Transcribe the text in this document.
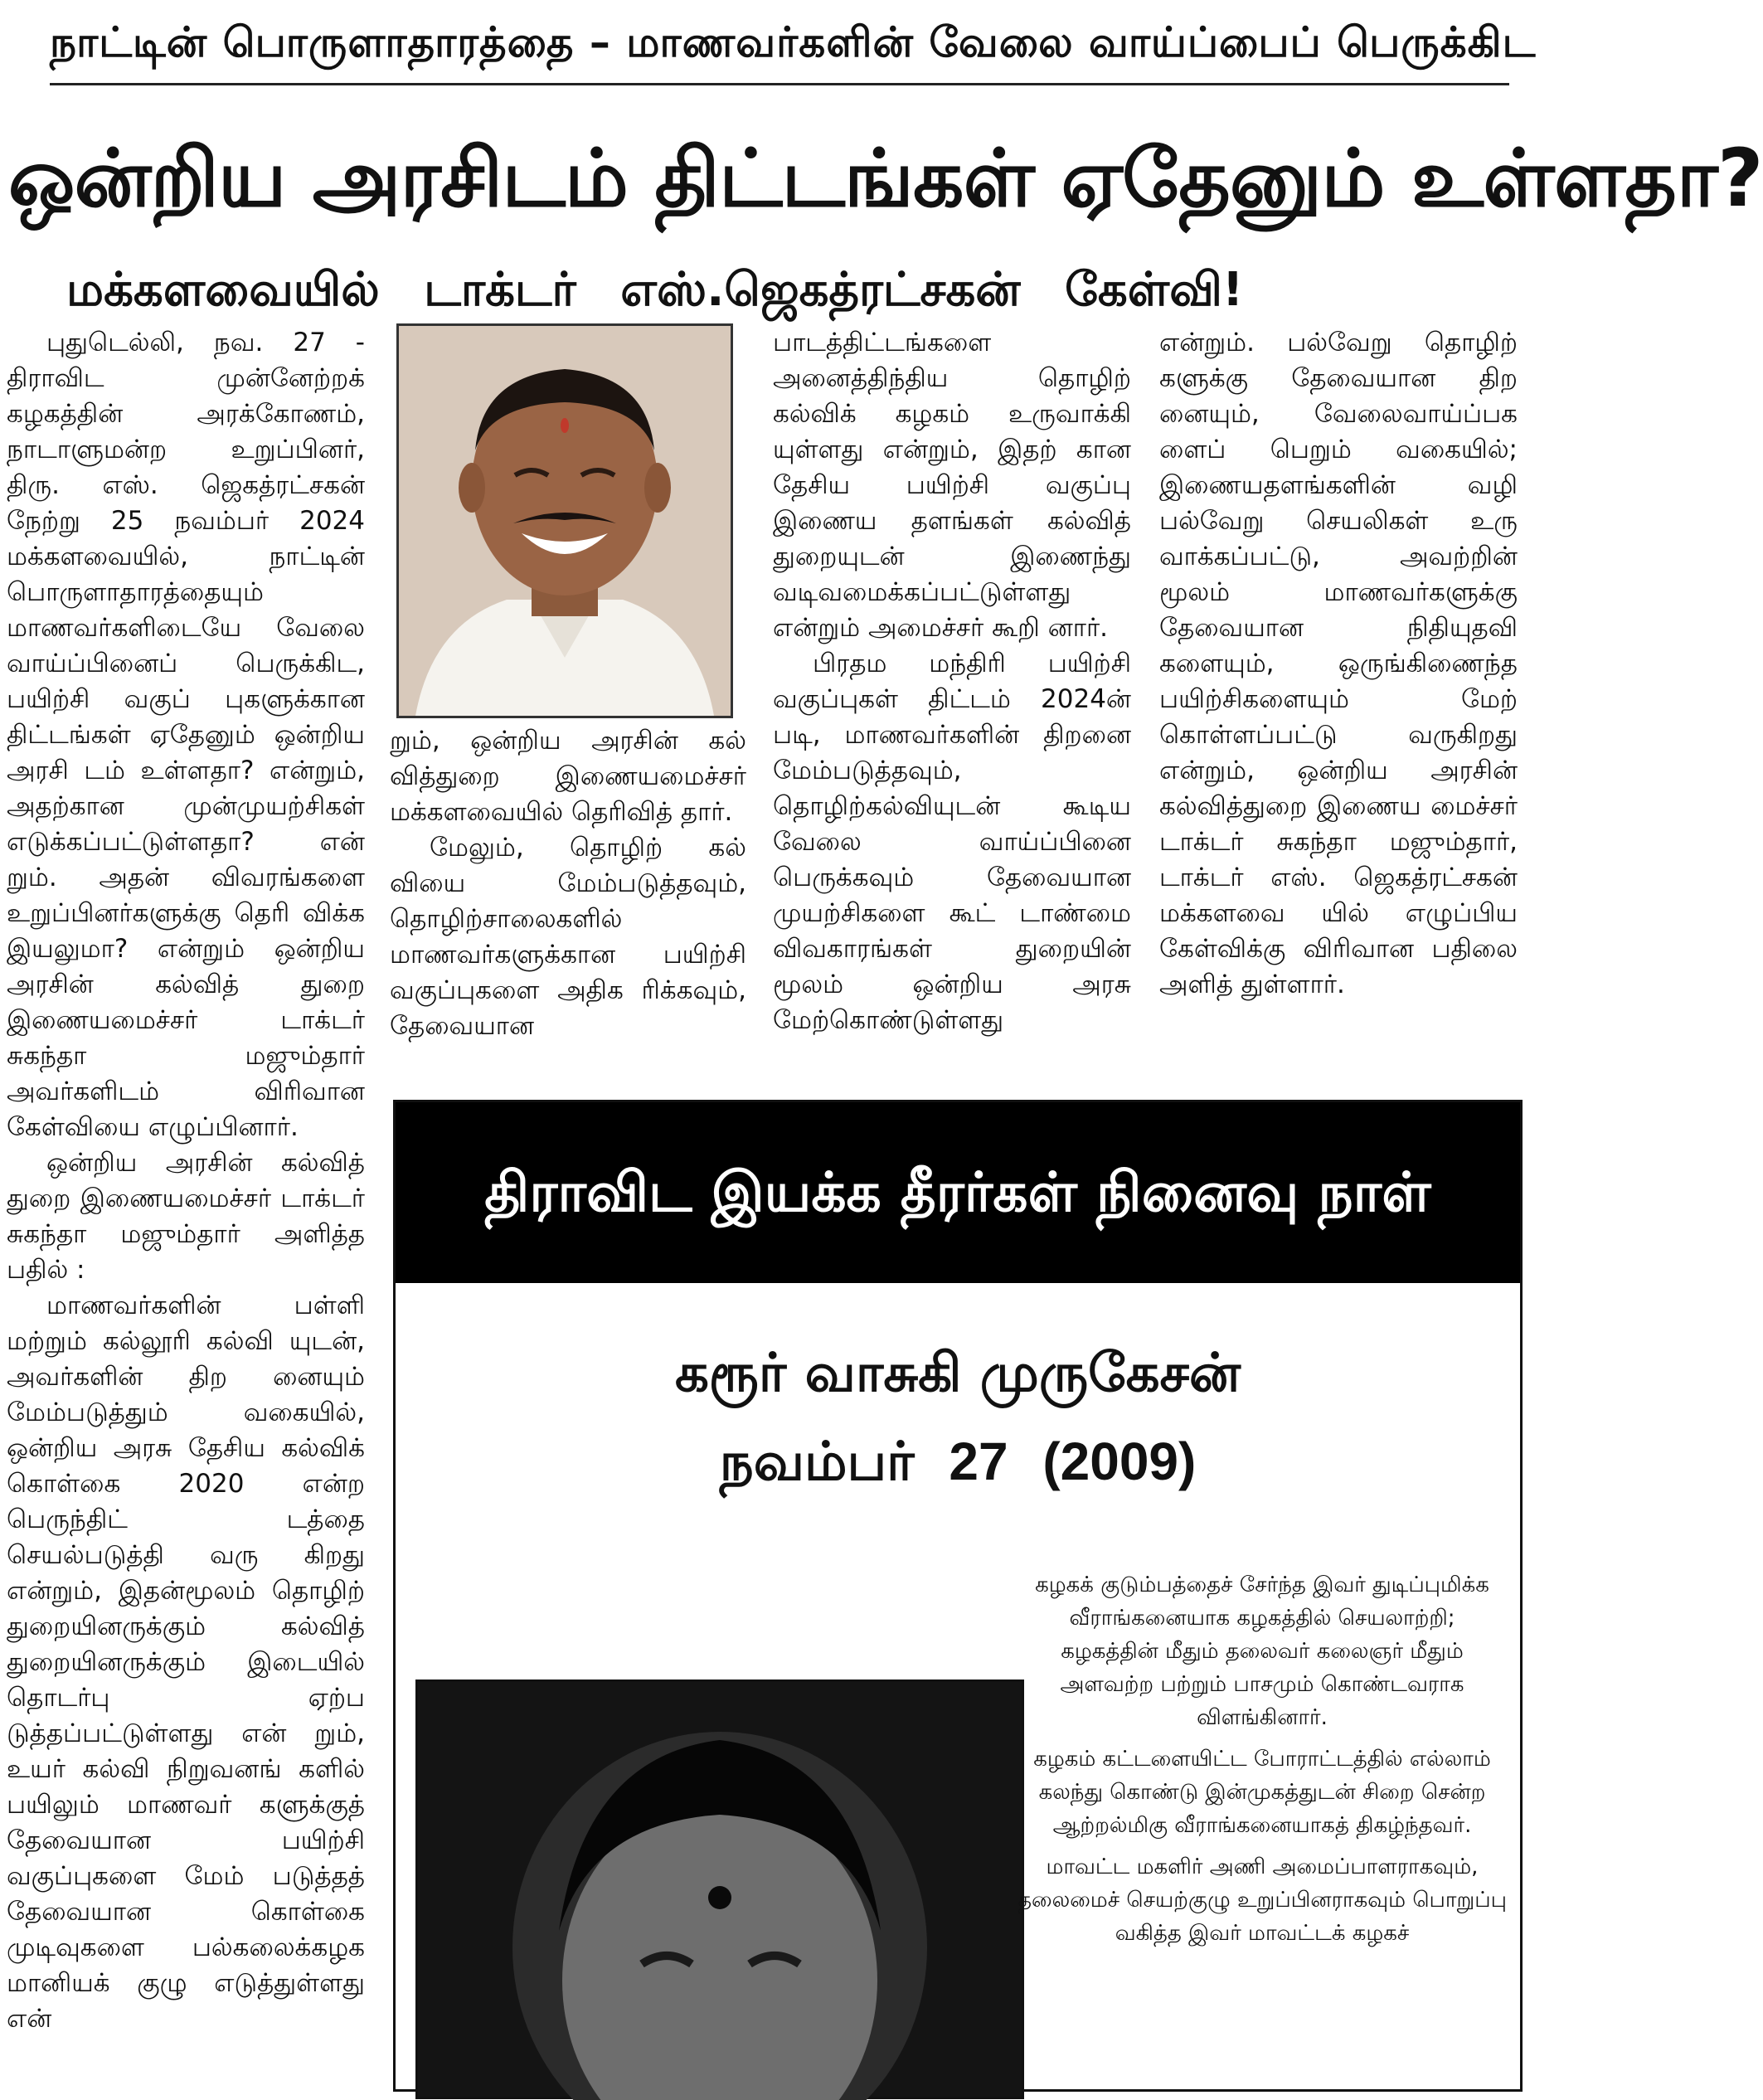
நாட்டின் பொருளாதாரத்தை – மாணவர்களின் வேலை வாய்ப்பைப் பெருக்கிட
ஒன்றிய அரசிடம் திட்டங்கள் ஏதேனும் உள்ளதா?
மக்களவையில் டாக்டர் எஸ்.ஜெகத்ரட்சகன் கேள்வி!

புதுடெல்லி, நவ. 27 - திராவிட முன்னேற்றக் கழகத்தின் அரக்கோணம், நாடாளுமன்ற உறுப்பினர், திரு. எஸ். ஜெகத்ரட்சகன் நேற்று 25 நவம்பர் 2024 மக்களவையில், நாட்டின் பொருளாதாரத்தையும் மாணவர்களிடையே வேலை வாய்ப்பினைப் பெருக்கிட, பயிற்சி வகுப் புகளுக்கான திட்டங்கள் ஏதேனும் ஒன்றிய அரசி டம் உள்ளதா? என்றும், அதற்கான முன்முயற்சிகள் எடுக்கப்பட்டுள்ளதா? என் றும். அதன் விவரங்களை உறுப்பினர்களுக்கு தெரி விக்க இயலுமா? என்றும் ஒன்றிய அரசின் கல்வித் துறை இணையமைச்சர் டாக்டர் சுகந்தா மஜும்தார் அவர்களிடம் விரிவான கேள்வியை எழுப்பினார்.

ஒன்றிய அரசின் கல்வித் துறை இணையமைச்சர் டாக்டர் சுகந்தா மஜும்தார் அளித்த பதில் :

மாணவர்களின் பள்ளி மற்றும் கல்லூரி கல்வி யுடன், அவர்களின் திற னையும் மேம்படுத்தும் வகையில், ஒன்றிய அரசு தேசிய கல்விக் கொள்கை 2020 என்ற பெருந்திட் டத்தை செயல்படுத்தி வரு கிறது என்றும், இதன்மூலம் தொழிற் துறையினருக்கும் கல்வித் துறையினருக்கும் இடையில் தொடர்பு ஏற்ப டுத்தப்பட்டுள்ளது என் றும், உயர் கல்வி நிறுவனங் களில் பயிலும் மாணவர் களுக்குத் தேவையான பயிற்சி வகுப்புகளை மேம் படுத்தத் தேவையான கொள்கை முடிவுகளை பல்கலைக்கழக மானியக் குழு எடுத்துள்ளது என்

றும், ஒன்றிய அரசின் கல் வித்துறை இணையமைச்சர் மக்களவையில் தெரிவித் தார்.

மேலும், தொழிற் கல் வியை மேம்படுத்தவும், தொழிற்சாலைகளில் மாணவர்களுக்கான பயிற்சி வகுப்புகளை அதிக ரிக்கவும், தேவையான

பாடத்திட்டங்களை அனைத்திந்திய தொழிற் கல்விக் கழகம் உருவாக்கி யுள்ளது என்றும், இதற் கான தேசிய பயிற்சி வகுப்பு இணைய தளங்கள் கல்வித் துறையுடன் இணைந்து வடிவமைக்கப்பட்டுள்ளது என்றும் அமைச்சர் கூறி னார்.

பிரதம மந்திரி பயிற்சி வகுப்புகள் திட்டம் 2024ன் படி, மாணவர்களின் திறனை மேம்படுத்தவும், தொழிற்கல்வியுடன் கூடிய வேலை வாய்ப்பினை பெருக்கவும் தேவையான முயற்சிகளை கூட் டாண்மை விவகாரங்கள் துறையின் மூலம் ஒன்றிய அரசு மேற்கொண்டுள்ளது

என்றும். பல்வேறு தொழிற் களுக்கு தேவையான திற னையும், வேலைவாய்ப்பக ளைப் பெறும் வகையில்; இணையதளங்களின் வழி பல்வேறு செயலிகள் உரு வாக்கப்பட்டு, அவற்றின் மூலம் மாணவர்களுக்கு தேவையான நிதியுதவி களையும், ஒருங்கிணைந்த பயிற்சிகளையும் மேற் கொள்ளப்பட்டு வருகிறது என்றும், ஒன்றிய அரசின் கல்வித்துறை இணைய மைச்சர் டாக்டர் சுகந்தா மஜும்தார், டாக்டர் எஸ். ஜெகத்ரட்சகன் மக்களவை யில் எழுப்பிய கேள்விக்கு விரிவான பதிலை அளித் துள்ளார்.

திராவிட இயக்க தீரர்கள் நினைவு நாள்
கரூர் வாசுகி முருகேசன்
நவம்பர் 27 (2009)

கழகக் குடும்பத்தைச் சேர்ந்த இவர் துடிப்புமிக்க வீராங்கனையாக கழகத்தில் செயலாற்றி; கழகத்தின் மீதும் தலைவர் கலைஞர் மீதும் அளவற்ற பற்றும் பாசமும் கொண்டவராக விளங்கினார்.

கழகம் கட்டளையிட்ட போராட்டத்தில் எல்லாம் கலந்து கொண்டு இன்முகத்துடன் சிறை சென்ற ஆற்றல்மிகு வீராங்கனையாகத் திகழ்ந்தவர்.

மாவட்ட மகளிர் அணி அமைப்பாளராகவும், தலைமைச் செயற்குழு உறுப்பினராகவும் பொறுப்பு வகித்த இவர் மாவட்டக் கழகச்
